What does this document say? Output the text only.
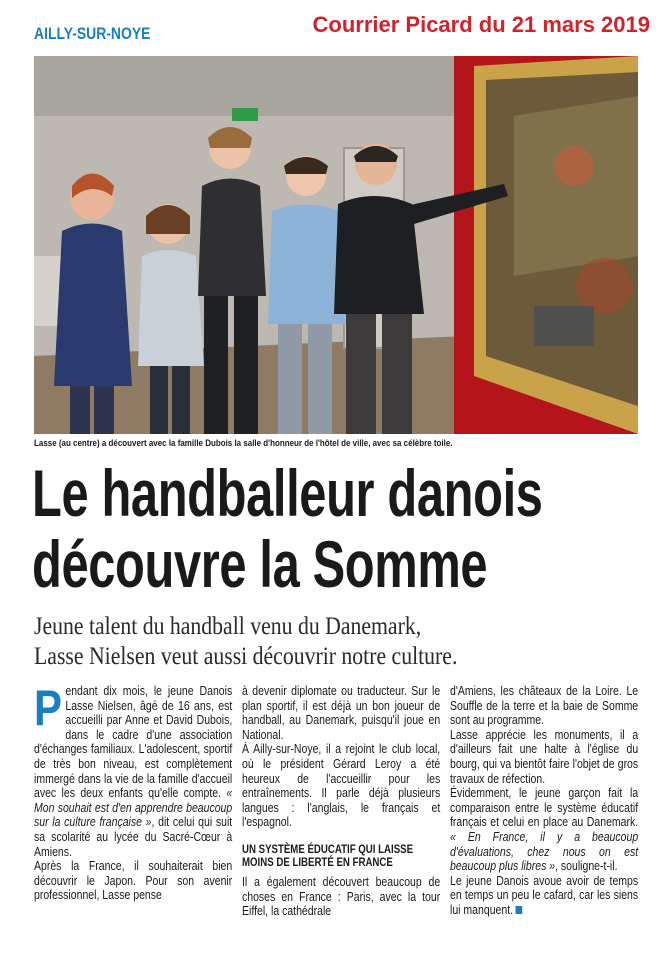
AILLY-SUR-NOYE	Courrier Picard du 21 mars 2019
Lasse (au centre) a découvert avec la famille Dubois la salle d'honneur de l'hôtel de ville, avec sa célèbre toile.
Le handballeur danois
découvre la Somme
Jeune talent du handball venu du Danemark,
Lasse Nielsen veut aussi découvrir notre culture.

Pendant dix mois, le jeune Danois Lasse Nielsen, âgé de 16 ans, est accueilli par Anne et David Dubois, dans le cadre d'une association d'échanges familiaux. L'adolescent, sportif de très bon niveau, est complètement immergé dans la vie de la famille d'accueil avec les deux enfants qu'elle compte. « Mon souhait est d'en apprendre beaucoup sur la culture française », dit celui qui suit sa scolarité au lycée du Sacré-Cœur à Amiens.

Après la France, il souhaiterait bien découvrir le Japon. Pour son avenir professionnel, Lasse pense

à devenir diplomate ou traducteur. Sur le plan sportif, il est déjà un bon joueur de handball, au Danemark, puisqu'il joue en National.

À Ailly-sur-Noye, il a rejoint le club local, où le président Gérard Leroy a été heureux de l'accueillir pour les entraînements. Il parle déjà plusieurs langues : l'anglais, le français et l'espagnol.

UN SYSTÈME ÉDUCATIF QUI LAISSE MOINS DE LIBERTÉ EN FRANCE

Il a également découvert beaucoup de choses en France : Paris, avec la tour Eiffel, la cathédrale

d'Amiens, les châteaux de la Loire. Le Souffle de la terre et la baie de Somme sont au programme.

Lasse apprécie les monuments, il a d'ailleurs fait une halte à l'église du bourg, qui va bientôt faire l'objet de gros travaux de réfection.

Évidemment, le jeune garçon fait la comparaison entre le système éducatif français et celui en place au Danemark. « En France, il y a beaucoup d'évaluations, chez nous on est beaucoup plus libres », souligne-t-il.

Le jeune Danois avoue avoir de temps en temps un peu le cafard, car les siens lui manquent.
